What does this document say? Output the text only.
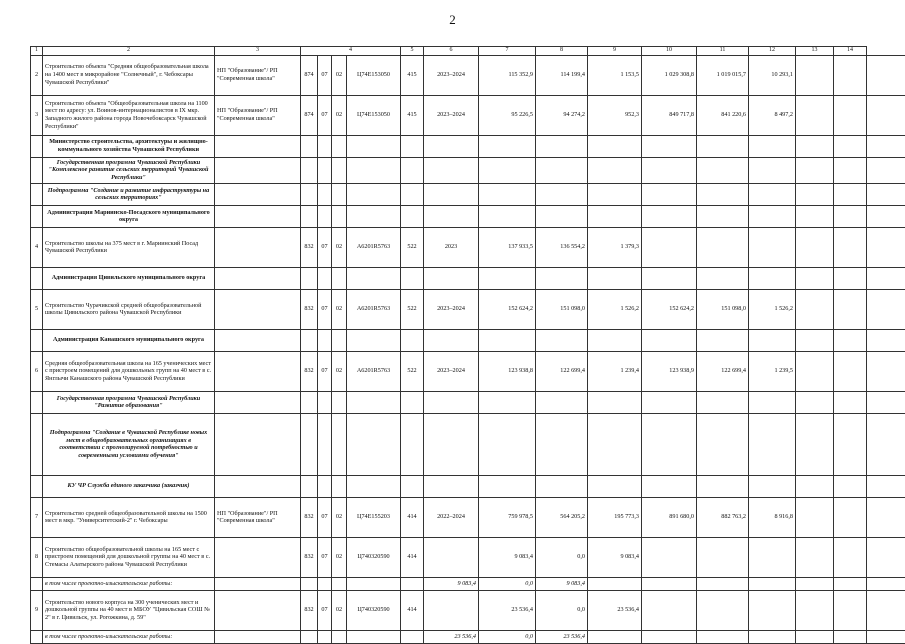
2
1	2	3	4				5	6	7	8	9	10	11	12	13	14	
2	Строительство объекта "Средняя общеобразовательная школа на 1400 мест в микрорайоне "Солнечный", г. Чебоксары Чувашской Республики"	НП "Образование"/ РП "Современная школа"	874	07	02	Ц74Е153050	415	2023–2024	115 352,9	114 199,4	1 153,5	1 029 308,8	1 019 015,7	10 293,1			
3	Строительство объекта "Общеобразовательная школа на 1100 мест по адресу: ул. Воинов-интернационалистов в IX мкр. Западного жилого района города Новочебоксарск Чувашской Республики"	НП "Образование"/ РП "Современная школа"	874	07	02	Ц74Е153050	415	2023–2024	95 226,5	94 274,2	952,3	849 717,8	841 220,6	8 497,2			
	Министерство строительства, архитектуры и жилищно-коммунального хозяйства Чувашской Республики																
	Государственная программа Чувашской Республики "Комплексное развитие сельских территорий Чувашской Республики"																
	Подпрограмма "Создание и развитие инфраструктуры на сельских территориях"																
	Администрация Мариинско-Посадского муниципального округа																
4	Строительство школы на 375 мест в г. Мариинский Посад Чувашской Республики		832	07	02	А6201R5763	522	2023	137 933,5	136 554,2	1 379,3						
	Администрация Цивильского муниципального округа																
5	Строительство Чурачикской средней общеобразовательной школы Цивильского района Чувашской Республики		832	07	02	А6201R5763	522	2023–2024	152 624,2	151 098,0	1 526,2	152 624,2	151 098,0	1 526,2			
	Администрация Канашского муниципального округа																
6	Средняя общеобразовательная школа на 165 ученических мест с пристроем помещений для дошкольных групп на 40 мест в с. Янглычи Канашского района Чувашской Республики		832	07	02	А6201R5763	522	2023–2024	123 938,8	122 699,4	1 239,4	123 938,9	122 699,4	1 239,5			
	Государственная программа Чувашской Республики "Развитие образования"																
	Подпрограмма "Создание в Чувашской Республике новых мест в общеобразовательных организациях в соответствии с прогнозируемой потребностью и современными условиями обучения"																
	КУ ЧР Служба единого заказчика (заказчик)																
7	Строительство средней общеобразовательной школы на 1500 мест в мкр. "Университетский-2" г. Чебоксары	НП "Образование"/ РП "Современная школа"	832	07	02	Ц74Е155203	414	2022–2024	759 978,5	564 205,2	195 773,3	891 680,0	882 763,2	8 916,8			
8	Строительство общеобразовательной школы на 165 мест с пристроем помещений для дошкольной группы на 40 мест в с. Стемасы Алатырского района Чувашской Республики		832	07	02	Ц740320590	414		9 083,4	0,0	9 083,4						
	в том числе проектно-изыскательские работы:							9 083,4	0,0	9 083,4							
9	Строительство нового корпуса на 300 ученических мест и дошкольной группы на 40 мест в МБОУ "Цивильская СОШ № 2" в г. Цивильск, ул. Рогожкина, д. 59"		832	07	02	Ц740320590	414		23 536,4	0,0	23 536,4						
	в том числе проектно-изыскательские работы:							23 536,4	0,0	23 536,4							
